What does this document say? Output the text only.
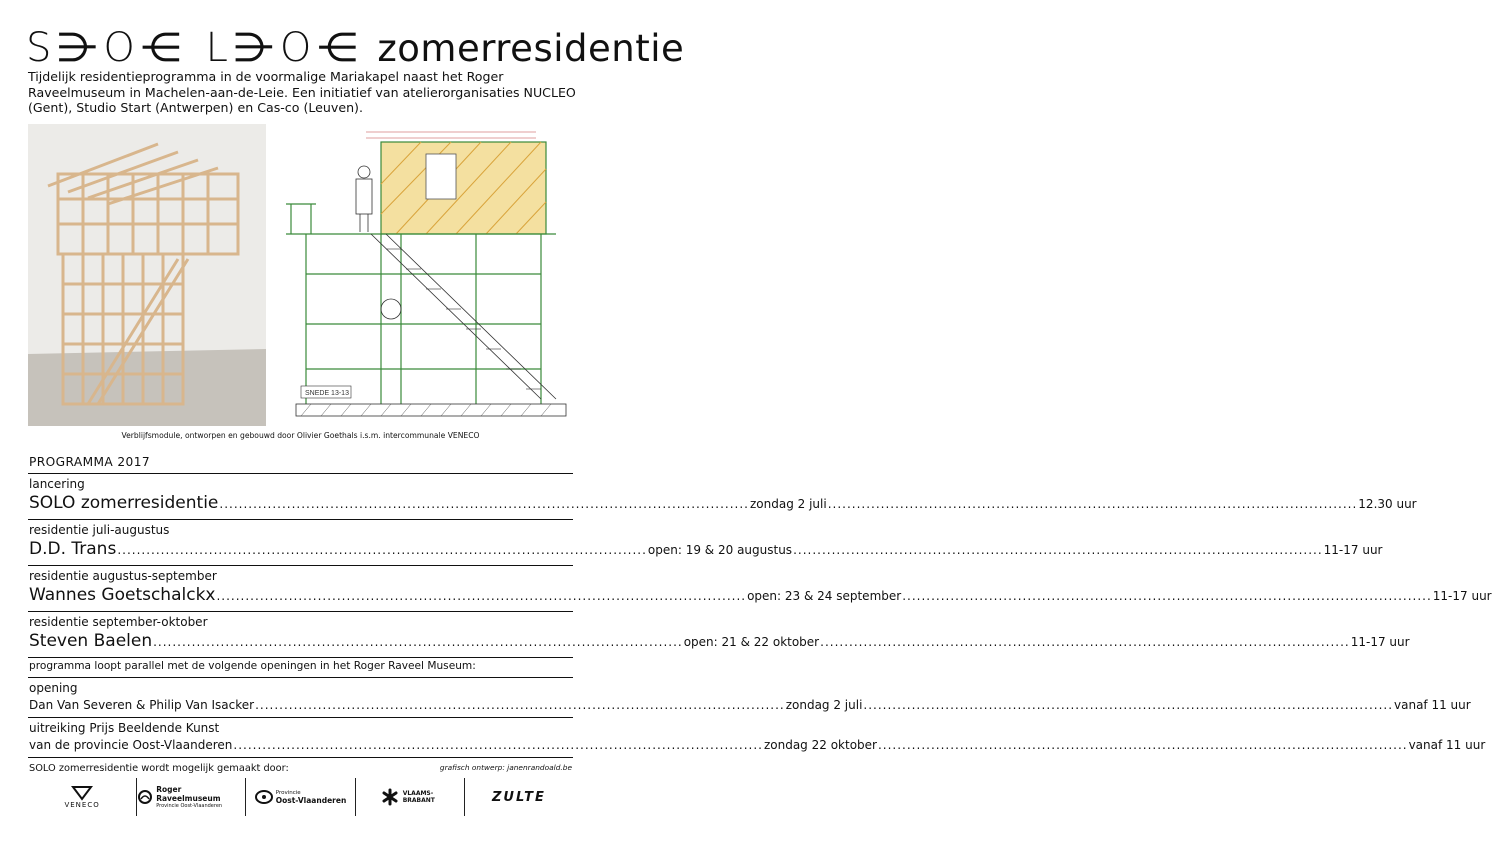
S⋺O⋲ L⋺O⋲ zomerresidentie
Tijdelijk residentieprogramma in de voormalige Mariakapel naast het Roger Raveelmuseum in Machelen-aan-de-Leie. Een initiatief van atelierorganisaties NUCLEO (Gent), Studio Start (Antwerpen) en Cas-co (Leuven).
SNEDE 13-13
Verblijfsmodule, ontworpen en gebouwd door Olivier Goethals i.s.m. intercommunale VENECO
PROGRAMMA 2017
lancering
SOLO zomerresidentie .....	zondag 2 juli .....	12.30 uur
residentie juli-augustus
D.D. Trans .....	open: 19 & 20 augustus .....	11-17 uur
residentie augustus-september
Wannes Goetschalckx .....	open: 23 & 24 september .....	11-17 uur
residentie september-oktober
Steven Baelen .....	open: 21 & 22 oktober .....	11-17 uur
programma loopt parallel met de volgende openingen in het Roger Raveel Museum:
opening
Dan Van Severen & Philip Van Isacker .....	zondag 2 juli .....	vanaf 11 uur
uitreiking Prijs Beeldende Kunst
van de provincie Oost-Vlaanderen .....	zondag 22 oktober .....	vanaf 11 uur
SOLO zomerresidentie wordt mogelijk gemaakt door:	grafisch ontwerp: janenrandoald.be
VENECO
Roger Raveelmuseum
Provincie Oost-Vlaanderen
Provincie
Oost-Vlaanderen
VLAAMS-BRABANT	ZULTE
